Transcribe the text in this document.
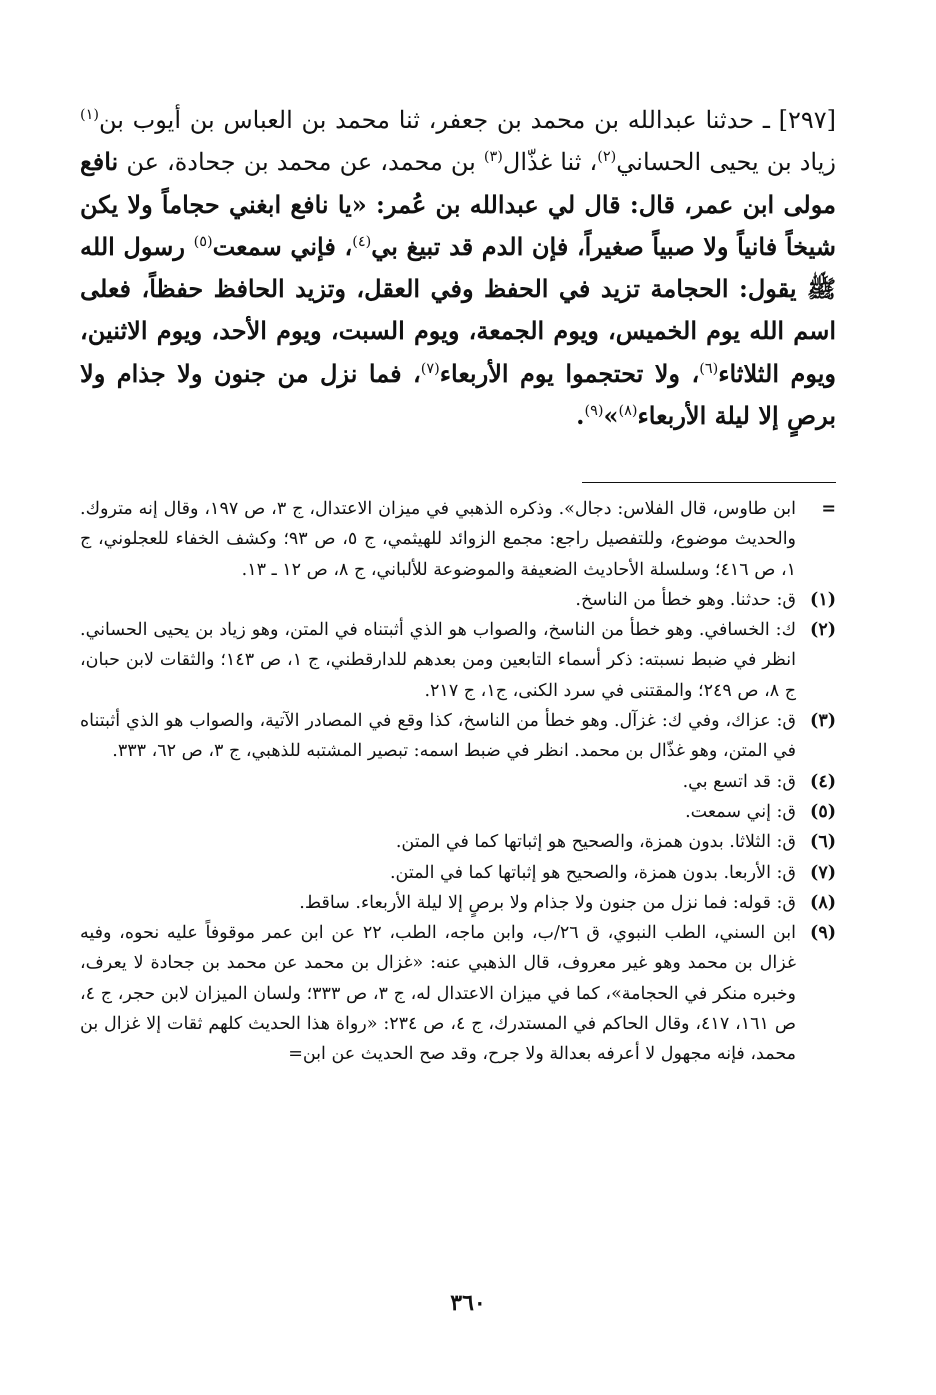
[٢٩٧] ـ حدثنا عبدالله بن محمد بن جعفر، ثنا محمد بن العباس بن أيوب بن$^{(١)}$ زياد بن يحيى الحساني$^{(٢)}$، ثنا غذّال$^{(٣)}$ بن محمد، عن محمد بن جحادة، عن نافع مولى ابن عمر، قال: قال لي عبدالله بن عُمر: «يا نافع ابغني حجاماً ولا يكن شيخاً فانياً ولا صبياً صغيراً، فإن الدم قد تبيغ بي$^{(٤)}$، فإني سمعت$^{(٥)}$ رسول الله ﷺ يقول: الحجامة تزيد في الحفظ وفي العقل، وتزيد الحافظ حفظاً، فعلى اسم الله يوم الخميس، ويوم الجمعة، ويوم السبت، ويوم الأحد، ويوم الاثنين، ويوم الثلاثاء$^{(٦)}$، ولا تحتجموا يوم الأربعاء$^{(٧)}$، فما نزل من جنون ولا جذام ولا برصٍ إلا ليلة الأربعاء$^{(٨)}$»$^{(٩)}$.

=
ابن طاوس، قال الفلاس: دجال». وذكره الذهبي في ميزان الاعتدال، ج ٣، ص ١٩٧، وقال إنه متروك. والحديث موضوع، وللتفصيل راجع: مجمع الزوائد للهيثمي، ج ٥، ص ٩٣؛ وكشف الخفاء للعجلوني، ج ١، ص ٤١٦؛ وسلسلة الأحاديث الضعيفة والموضوعة للألباني، ج ٨، ص ١٢ ـ ١٣.
(١)
ق: حدثنا. وهو خطأ من الناسخ.
(٢)
ك: الخسافي. وهو خطأ من الناسخ، والصواب هو الذي أثبتناه في المتن، وهو زياد بن يحيى الحساني. انظر في ضبط نسبته: ذكر أسماء التابعين ومن بعدهم للدارقطني، ج ١، ص ١٤٣؛ والثقات لابن حبان، ج ٨، ص ٢٤٩؛ والمقتنى في سرد الكنى، ج١، ج ٢١٧.
(٣)
ق: عزاك، وفي ك: غزآل. وهو خطأ من الناسخ، كذا وقع في المصادر الآتية، والصواب هو الذي أثبتناه في المتن، وهو غذّال بن محمد. انظر في ضبط اسمه: تبصير المشتبه للذهبي، ج ٣، ص ٦٢، ٣٣٣.
(٤)
ق: قد اتسع بي.
(٥)
ق: إني سمعت.
(٦)
ق: الثلاثا. بدون همزة، والصحيح هو إثباتها كما في المتن.
(٧)
ق: الأربعا. بدون همزة، والصحيح هو إثباتها كما في المتن.
(٨)
ق: قوله: فما نزل من جنون ولا جذام ولا برصٍ إلا ليلة الأربعاء. ساقط.
(٩)
ابن السني، الطب النبوي، ق ٢٦/ب، وابن ماجه، الطب، ٢٢ عن ابن عمر موقوفاً عليه نحوه، وفيه غزال بن محمد وهو غير معروف، قال الذهبي عنه: «غزال بن محمد عن محمد بن جحادة لا يعرف، وخبره منكر في الحجامة»، كما في ميزان الاعتدال له، ج ٣، ص ٣٣٣؛ ولسان الميزان لابن حجر، ج ٤، ص ١٦١، ٤١٧، وقال الحاكم في المستدرك، ج ٤، ص ٢٣٤: «رواة هذا الحديث كلهم ثقات إلا غزال بن محمد، فإنه مجهول لا أعرفه بعدالة ولا جرح، وقد صح الحديث عن ابن=
٣٦٠
